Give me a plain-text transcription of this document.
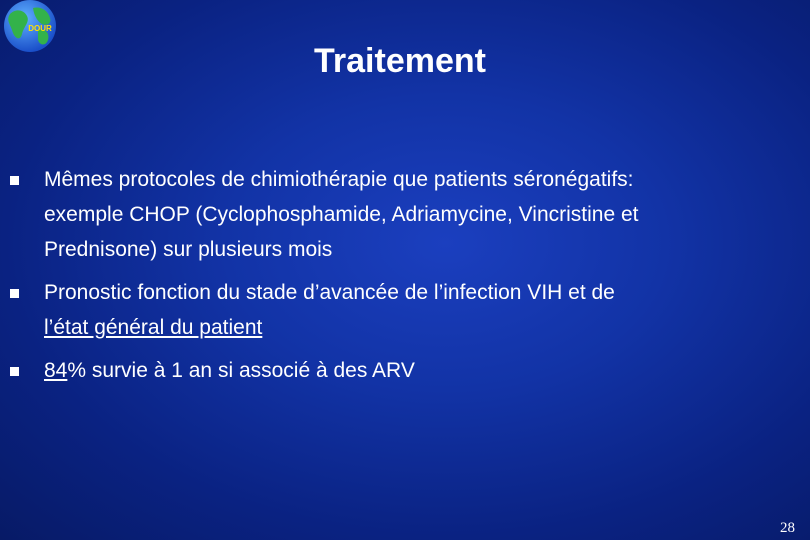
DOUR
Traitement
Mêmes protocoles de chimiothérapie que patients séronégatifs:
exemple CHOP (Cyclophosphamide, Adriamycine, Vincristine et
Prednisone) sur plusieurs mois
Pronostic fonction du stade d’avancée de l’infection VIH et de
l’état général du patient
84% survie à 1 an si associé à des ARV
28
